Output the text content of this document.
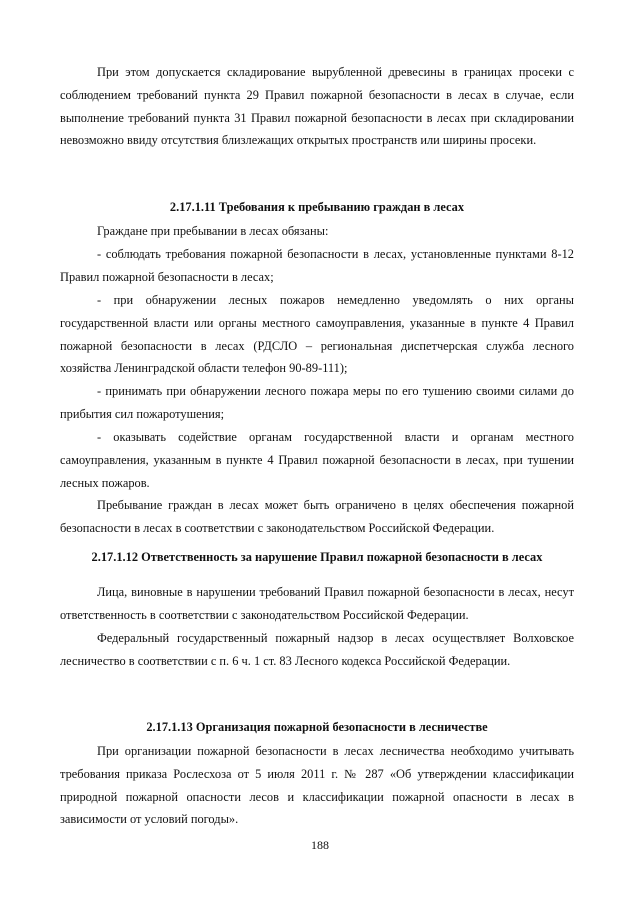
При этом допускается складирование вырубленной древесины в границах просеки с соблюдением требований пункта 29 Правил пожарной безопасности в лесах в случае, если выполнение требований пункта 31 Правил пожарной безопасности в лесах при складировании невозможно ввиду отсутствия близлежащих открытых пространств или ширины просеки.

2.17.1.11 Требования к пребыванию граждан в лесах

Граждане при пребывании в лесах обязаны:

- соблюдать требования пожарной безопасности в лесах, установленные пунктами 8-12 Правил пожарной безопасности в лесах;

- при обнаружении лесных пожаров немедленно уведомлять о них органы государственной власти или органы местного самоуправления, указанные в пункте 4 Правил пожарной безопасности в лесах (РДСЛО – региональная диспетчерская служба лесного хозяйства Ленинградской области телефон 90-89-111);

- принимать при обнаружении лесного пожара меры по его тушению своими силами до прибытия сил пожаротушения;

- оказывать содействие органам государственной власти и органам местного самоуправления, указанным в пункте 4 Правил пожарной безопасности в лесах, при тушении лесных пожаров.

Пребывание граждан в лесах может быть ограничено в целях обеспечения пожарной безопасности в лесах в соответствии с законодательством Российской Федерации.

2.17.1.12 Ответственность за нарушение Правил пожарной безопасности в лесах

Лица, виновные в нарушении требований Правил пожарной безопасности в лесах, несут ответственность в соответствии с законодательством Российской Федерации.

Федеральный государственный пожарный надзор в лесах осуществляет Волховское лесничество в соответствии с п. 6 ч. 1 ст. 83 Лесного кодекса Российской Федерации.

2.17.1.13 Организация пожарной безопасности в лесничестве

При организации пожарной безопасности в лесах лесничества необходимо учитывать требования приказа Рослесхоза от 5 июля 2011 г. № 287 «Об утверждении классификации природной пожарной опасности лесов и классификации пожарной опасности в лесах в зависимости от условий погоды».

188
